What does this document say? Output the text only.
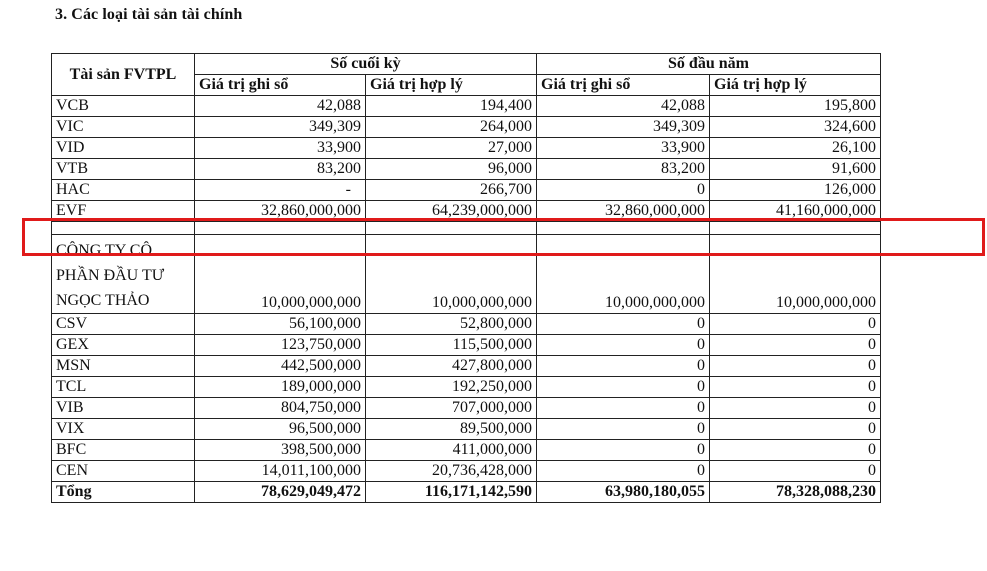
3. Các loại tài sản tài chính
Tài sản FVTPL	Số cuối kỳ		Số đầu năm	
	Giá trị ghi sổ	Giá trị hợp lý	Giá trị ghi sổ	Giá trị hợp lý
VCB	42,088	194,400	42,088	195,800
VIC	349,309	264,000	349,309	324,600
VID	33,900	27,000	33,900	26,100
VTB	83,200	96,000	83,200	91,600
HAC	-	266,700	0	126,000
EVF	32,860,000,000	64,239,000,000	32,860,000,000	41,160,000,000

CÔNG TY CÔ PHẦN ĐẦU TƯ NGỌC THẢO	10,000,000,000	10,000,000,000	10,000,000,000	10,000,000,000
CSV	56,100,000	52,800,000	0	0
GEX	123,750,000	115,500,000	0	0
MSN	442,500,000	427,800,000	0	0
TCL	189,000,000	192,250,000	0	0
VIB	804,750,000	707,000,000	0	0
VIX	96,500,000	89,500,000	0	0
BFC	398,500,000	411,000,000	0	0
CEN	14,011,100,000	20,736,428,000	0	0
Tổng	78,629,049,472	116,171,142,590	63,980,180,055	78,328,088,230
